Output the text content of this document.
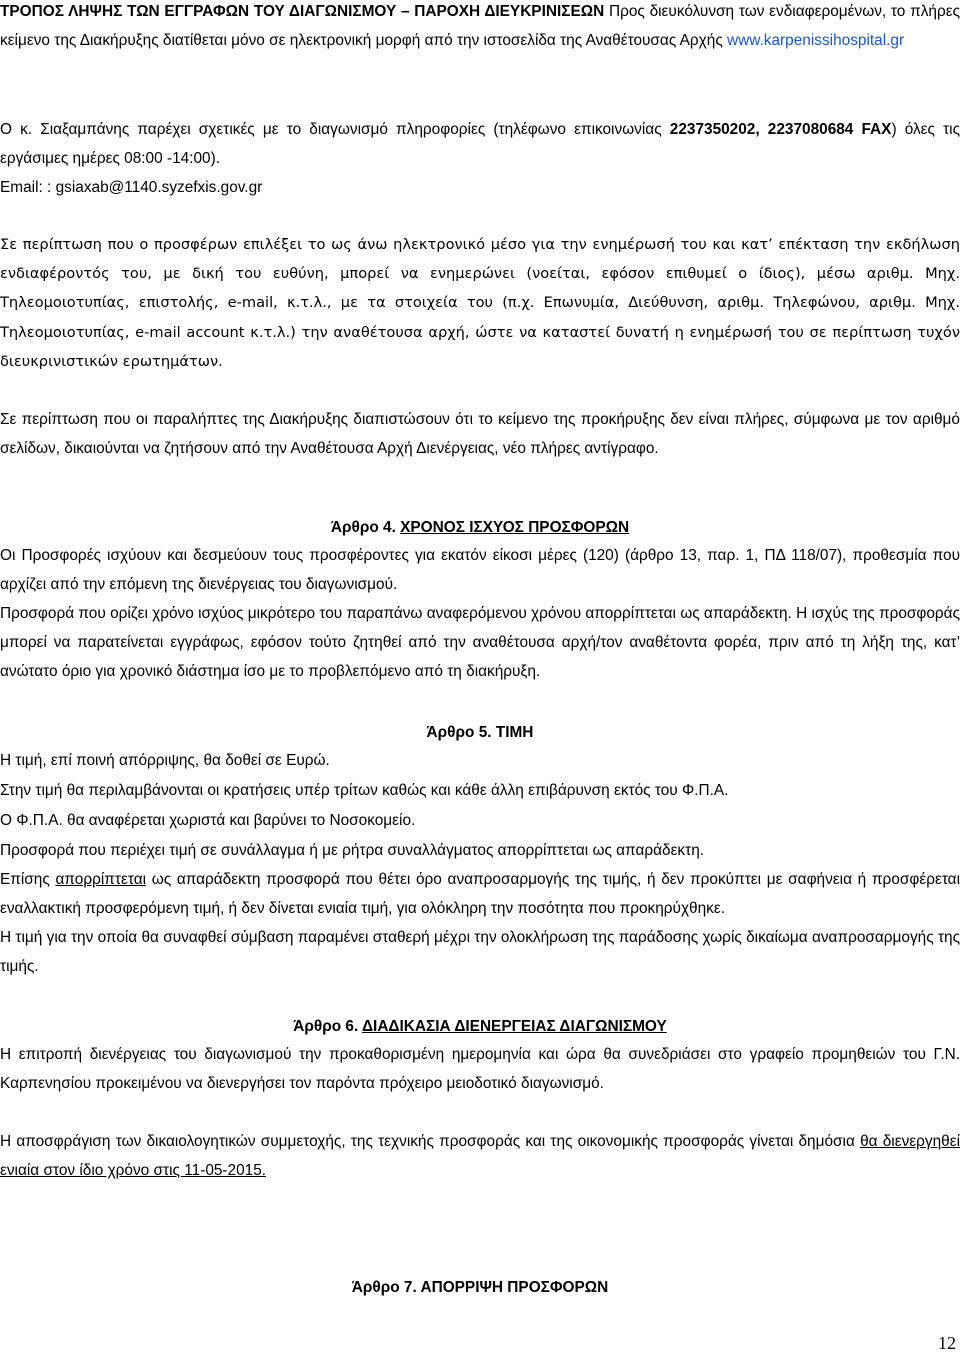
ΤΡΟΠΟΣ ΛΗΨΗΣ ΤΩΝ ΕΓΓΡΑΦΩΝ ΤΟΥ ΔΙΑΓΩΝΙΣΜΟΥ – ΠΑΡΟΧΗ ΔΙΕΥΚΡΙΝΙΣΕΩΝ Προς διευκόλυνση των ενδιαφερομένων, το πλήρες κείμενο της Διακήρυξης διατίθεται μόνο σε ηλεκτρονική μορφή από την ιστοσελίδα της Αναθέτουσας Αρχής www.karpenissihospital.gr

Ο κ. Σιαξαμπάνης παρέχει σχετικές με το διαγωνισμό πληροφορίες (τηλέφωνο επικοινωνίας 2237350202, 2237080684 FAX) όλες τις εργάσιμες ημέρες 08:00 -14:00).
Email: : gsiaxab@1140.syzefxis.gov.gr

Σε περίπτωση που ο προσφέρων επιλέξει το ως άνω ηλεκτρονικό μέσο για την ενημέρωσή του και κατ’ επέκταση την εκδήλωση ενδιαφέροντός του, με δική του ευθύνη, μπορεί να ενημερώνει (νοείται, εφόσον επιθυμεί ο ίδιος), μέσω αριθμ. Μηχ. Τηλεομοιοτυπίας, επιστολής, e-mail, κ.τ.λ., με τα στοιχεία του (π.χ. Επωνυμία, Διεύθυνση, αριθμ. Τηλεφώνου, αριθμ. Μηχ. Τηλεομοιοτυπίας, e-mail account κ.τ.λ.) την αναθέτουσα αρχή, ώστε να καταστεί δυνατή η ενημέρωσή του σε περίπτωση τυχόν διευκρινιστικών ερωτημάτων.

Σε περίπτωση που οι παραλήπτες της Διακήρυξης διαπιστώσουν ότι το κείμενο της προκήρυξης δεν είναι πλήρες, σύμφωνα με τον αριθμό σελίδων, δικαιούνται να ζητήσουν από την Αναθέτουσα Αρχή Διενέργειας, νέο πλήρες αντίγραφο.

Άρθρο 4. ΧΡΟΝΟΣ ΙΣΧΥΟΣ ΠΡΟΣΦΟΡΩΝ

Οι Προσφορές ισχύουν και δεσμεύουν τους προσφέροντες για εκατόν είκοσι μέρες (120) (άρθρο 13, παρ. 1, ΠΔ 118/07), προθεσμία που αρχίζει από την επόμενη της διενέργειας του διαγωνισμού.

Προσφορά που ορίζει χρόνο ισχύος μικρότερο του παραπάνω αναφερόμενου χρόνου απορρίπτεται ως απαράδεκτη. Η ισχύς της προσφοράς μπορεί να παρατείνεται εγγράφως, εφόσον τούτο ζητηθεί από την αναθέτουσα αρχή/τον αναθέτοντα φορέα, πριν από τη λήξη της, κατ’ ανώτατο όριο για χρονικό διάστημα ίσο με το προβλεπόμενο από τη διακήρυξη.

Άρθρο 5. ΤΙΜΗ

Η τιμή, επί ποινή απόρριψης, θα δοθεί σε Ευρώ.

Στην τιμή θα περιλαμβάνονται οι κρατήσεις υπέρ τρίτων καθώς και κάθε άλλη επιβάρυνση εκτός του Φ.Π.Α.

Ο Φ.Π.Α. θα αναφέρεται χωριστά και βαρύνει το Νοσοκομείο.

Προσφορά που περιέχει τιμή σε συνάλλαγμα ή με ρήτρα συναλλάγματος απορρίπτεται ως απαράδεκτη.

Επίσης απορρίπτεται ως απαράδεκτη προσφορά που θέτει όρο αναπροσαρμογής της τιμής, ή δεν προκύπτει με σαφήνεια ή προσφέρεται εναλλακτική προσφερόμενη τιμή, ή δεν δίνεται ενιαία τιμή, για ολόκληρη την ποσότητα που προκηρύχθηκε.

Η τιμή για την οποία θα συναφθεί σύμβαση παραμένει σταθερή μέχρι την ολοκλήρωση της παράδοσης χωρίς δικαίωμα αναπροσαρμογής της τιμής.

Άρθρο 6. ΔΙΑΔΙΚΑΣΙΑ ΔΙΕΝΕΡΓΕΙΑΣ ΔΙΑΓΩΝΙΣΜΟΥ

Η επιτροπή διενέργειας του διαγωνισμού την προκαθορισμένη ημερομηνία και ώρα θα συνεδριάσει στο γραφείο προμηθειών του Γ.Ν. Καρπενησίου προκειμένου να διενεργήσει τον παρόντα πρόχειρο μειοδοτικό διαγωνισμό.

Η αποσφράγιση των δικαιολογητικών συμμετοχής, της τεχνικής προσφοράς και της οικονομικής προσφοράς γίνεται δημόσια θα διενεργηθεί ενιαία στον ίδιο χρόνο στις 11-05-2015.

Άρθρο 7. ΑΠΟΡΡΙΨΗ ΠΡΟΣΦΟΡΩΝ

12
